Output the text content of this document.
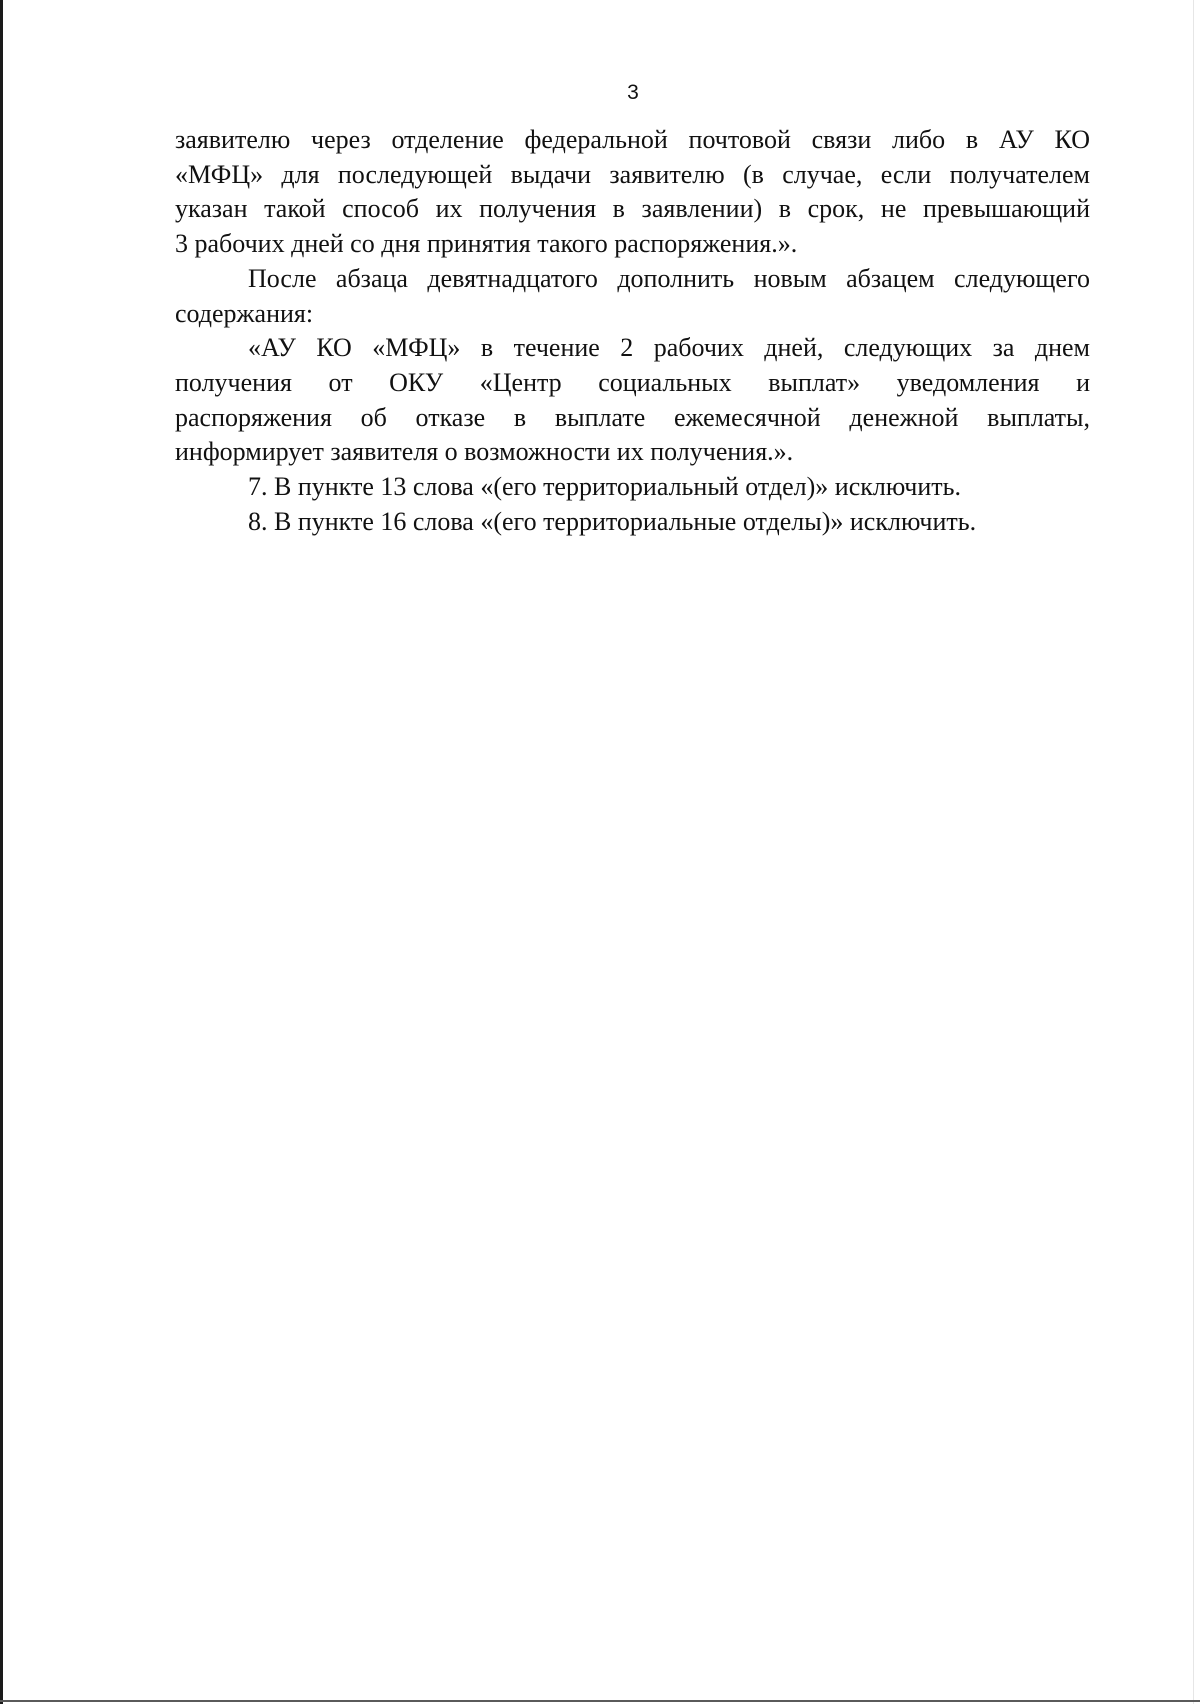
3

заявителю через отделение федеральной почтовой связи либо в АУ КО
«МФЦ» для последующей выдачи заявителю (в случае, если получателем
указан такой способ их получения в заявлении) в срок, не превышающий
3 рабочих дней со дня принятия такого распоряжения.».

После абзаца девятнадцатого дополнить новым абзацем следующего
содержания:

«АУ КО «МФЦ» в течение 2 рабочих дней, следующих за днем
получения от ОКУ «Центр социальных выплат» уведомления и
распоряжения об отказе в выплате ежемесячной денежной выплаты,
информирует заявителя о возможности их получения.».

7. В пункте 13 слова «(его территориальный отдел)» исключить.

8. В пункте 16 слова «(его территориальные отделы)» исключить.
